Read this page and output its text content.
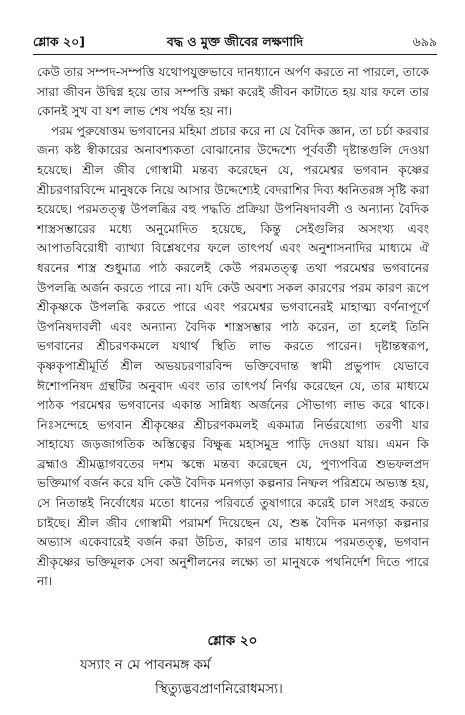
শ্লোক ২০]	বদ্ধ ও মুক্ত জীবের লক্ষণাদি	৬৯৯

কেউ তার সম্পদ-সম্পত্তি যথোপযুক্তভাবে দানধ্যানে অর্পণ করতে না পারলে, তাকে সারা জীবন উদ্বিগ্ন হয়ে তার সম্পত্তি রক্ষা করেই জীবন কাটাতে হয় যার ফলে তার কোনই সুখ বা যশ লাভ শেষ পর্যন্ত হয় না।

পরম পুরুষোত্তম ভগবানের মহিমা প্রচার করে না যে বৈদিক জ্ঞান, তা চর্চা করবার জন্য কষ্ট স্বীকারের অনাবশ্যকতা বোঝানোর উদ্দেশ্যে পূর্ববর্তী দৃষ্টান্তগুলি দেওয়া হয়েছে। শ্রীল জীব গোস্বামী মন্তব্য করেছেন যে, পরমেশ্বর ভগবান কৃষ্ণের শ্রীচরণারবিন্দে মানুষকে নিয়ে আসার উদ্দেশ্যেই বেদরাশির দিব্য ধ্বনিতরঙ্গ সৃষ্টি করা হয়েছে। পরমতত্ত্ব উপলব্ধির বহু পদ্ধতি প্রক্রিয়া উপনিষদাবলী ও অন্যান্য বৈদিক শাস্ত্রসম্ভারের মধ্যে অনুমোদিত হয়েছে, কিন্তু সেইগুলির অসংখ্য এবং আপাতবিরোধী ব্যাখ্যা বিশ্লেষণের ফলে তাৎপর্য এবং অনুশাসনাদির মাধ্যমে ঐ ধরনের শাস্ত্র শুধুমাত্র পাঠ করলেই কেউ পরমতত্ত্ব তথা পরমেশ্বর ভগবানের উপলব্ধি অর্জন করতে পারে না। যদি কেউ অবশ্য সকল কারণের পরম কারণ রূপে শ্রীকৃষ্ণকে উপলব্ধি করতে পারে এবং পরমেশ্বর ভগবানেরই মাহাত্ম্য বর্ণনাপূর্ণে উপনিষদাবলী এবং অন্যান্য বৈদিক শাস্ত্রসম্ভার পাঠ করেন, তা হলেই তিনি ভগবানের শ্রীচরণকমলে যথার্থ স্থিতি লাভ করতে পারেন। দৃষ্টান্তস্বরূপ, কৃষ্ণকৃপাশ্রীমূর্তি শ্রীল অভয়চরণারবিন্দ ভক্তিবেদান্ত স্বামী প্রভুপাদ যেভাবে ঈশোপনিষদ গ্রন্থটির অনুবাদ এবং তার তাৎপর্য নির্ণয় করেছেন যে, তার মাধ্যমে পাঠক পরমেশ্বর ভগবানের একান্ত সান্নিধ্য অর্জনের সৌভাগ্য লাভ করে থাকে। নিঃসন্দেহে ভগবান শ্রীকৃষ্ণের শ্রীচরণকমলই একমাত্র নির্ভরযোগ্য তরণী যার সাহায্যে জড়জাগতিক অস্তিত্বের বিক্ষুব্ধ মহাসমুদ্র পাড়ি দেওয়া যায়। এমন কি ব্রহ্মাও শ্রীমদ্ভাগবতের দশম স্কন্ধে মন্তব্য করেছেন যে, পুণ্যপবিত্র শুভফলপ্রদ ভক্তিমার্গ বর্জন করে যদি কেউ বৈদিক মনগড়া কল্পনার নিষ্ফল পরিশ্রমে অভ্যস্ত হয়, সে নিতান্তই নির্বোধের মতো ধানের পরিবর্তে তুষাগারে করেই চাল সংগ্রহ করতে চাইছে। শ্রীল জীব গোস্বামী পরামর্শ দিয়েছেন যে, শুষ্ক বৈদিক মনগড়া কল্পনার অভ্যাস একেবারেই বর্জন করা উচিত, কারণ তার মাধ্যমে পরমতত্ত্ব, ভগবান শ্রীকৃষ্ণের ভক্তিমূলক সেবা অনুশীলনের লক্ষ্যে তা মানুষকে পথনির্দেশ দিতে পারে না।

শ্লোক ২০
যস্যাং ন মে পাবনমঙ্গ কর্ম
স্থিত্যুদ্ভবপ্রাণনিরোধমস্য।
